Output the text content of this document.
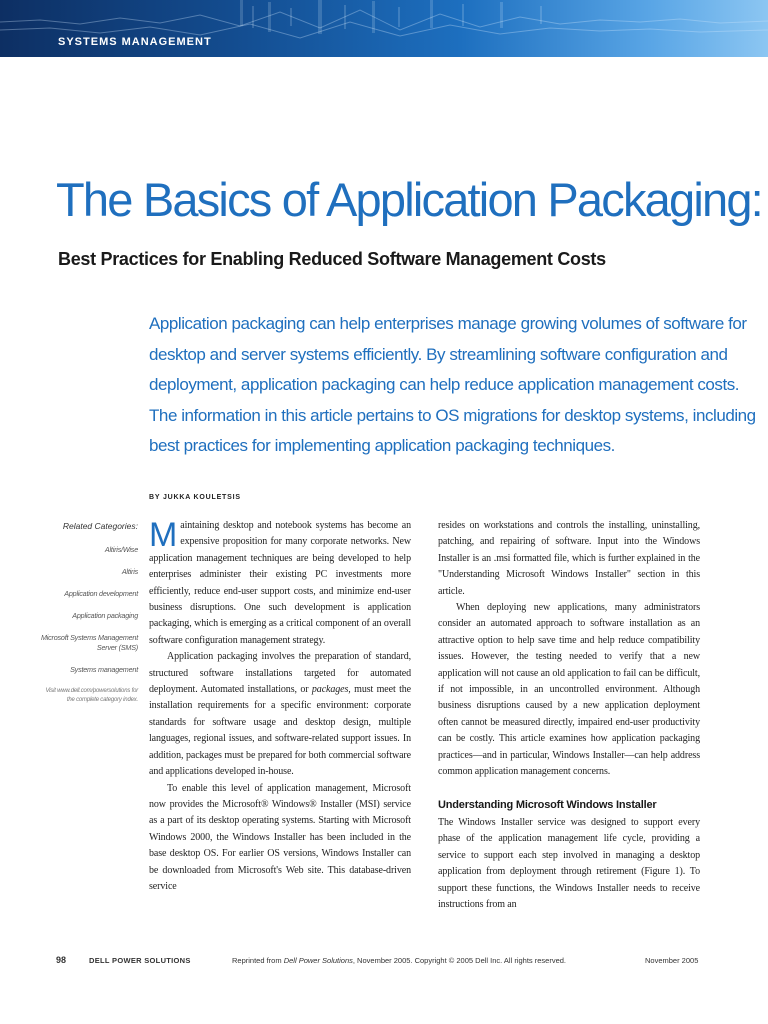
SYSTEMS MANAGEMENT
The Basics of Application Packaging:
Best Practices for Enabling Reduced Software Management Costs
Application packaging can help enterprises manage growing volumes of software for
desktop and server systems efficiently. By streamlining software configuration and
deployment, application packaging can help reduce application management costs.
The information in this article pertains to OS migrations for desktop systems, including
best practices for implementing application packaging techniques.
BY JUKKA KOULETSIS
Related Categories:
Altiris/Wise
Altiris
Application development
Application packaging
Microsoft Systems Management Server (SMS)
Systems management
Visit www.dell.com/powersolutions for the complete category index.

Maintaining desktop and notebook systems has become an expensive proposition for many corporate networks. New application management techniques are being developed to help enterprises administer their existing PC investments more efficiently, reduce end-user support costs, and minimize end-user business disruptions. One such development is application packaging, which is emerging as a critical component of an overall software configuration management strategy.

Application packaging involves the preparation of standard, structured software installations targeted for automated deployment. Automated installations, or packages, must meet the installation requirements for a specific environment: corporate standards for software usage and desktop design, multiple languages, regional issues, and software-related support issues. In addition, packages must be prepared for both commercial software and applications developed in-house.

To enable this level of application management, Microsoft now provides the Microsoft® Windows® Installer (MSI) service as a part of its desktop operating systems. Starting with Microsoft Windows 2000, the Windows Installer has been included in the base desktop OS. For earlier OS versions, Windows Installer can be downloaded from Microsoft's Web site. This database-driven service

resides on workstations and controls the installing, uninstalling, patching, and repairing of software. Input into the Windows Installer is an .msi formatted file, which is further explained in the "Understanding Microsoft Windows Installer" section in this article.

When deploying new applications, many administrators consider an automated approach to software installation as an attractive option to help save time and help reduce compatibility issues. However, the testing needed to verify that a new application will not cause an old application to fail can be difficult, if not impossible, in an uncontrolled environment. Although business disruptions caused by a new application deployment often cannot be measured directly, impaired end-user productivity can be costly. This article examines how application packaging practices—and in particular, Windows Installer—can help address common application management concerns.

Understanding Microsoft Windows Installer

The Windows Installer service was designed to support every phase of the application management life cycle, providing a service to support each step involved in managing a desktop application from deployment through retirement (Figure 1). To support these functions, the Windows Installer needs to receive instructions from an

98	DELL POWER SOLUTIONS	Reprinted from Dell Power Solutions, November 2005. Copyright © 2005 Dell Inc. All rights reserved.	November 2005
